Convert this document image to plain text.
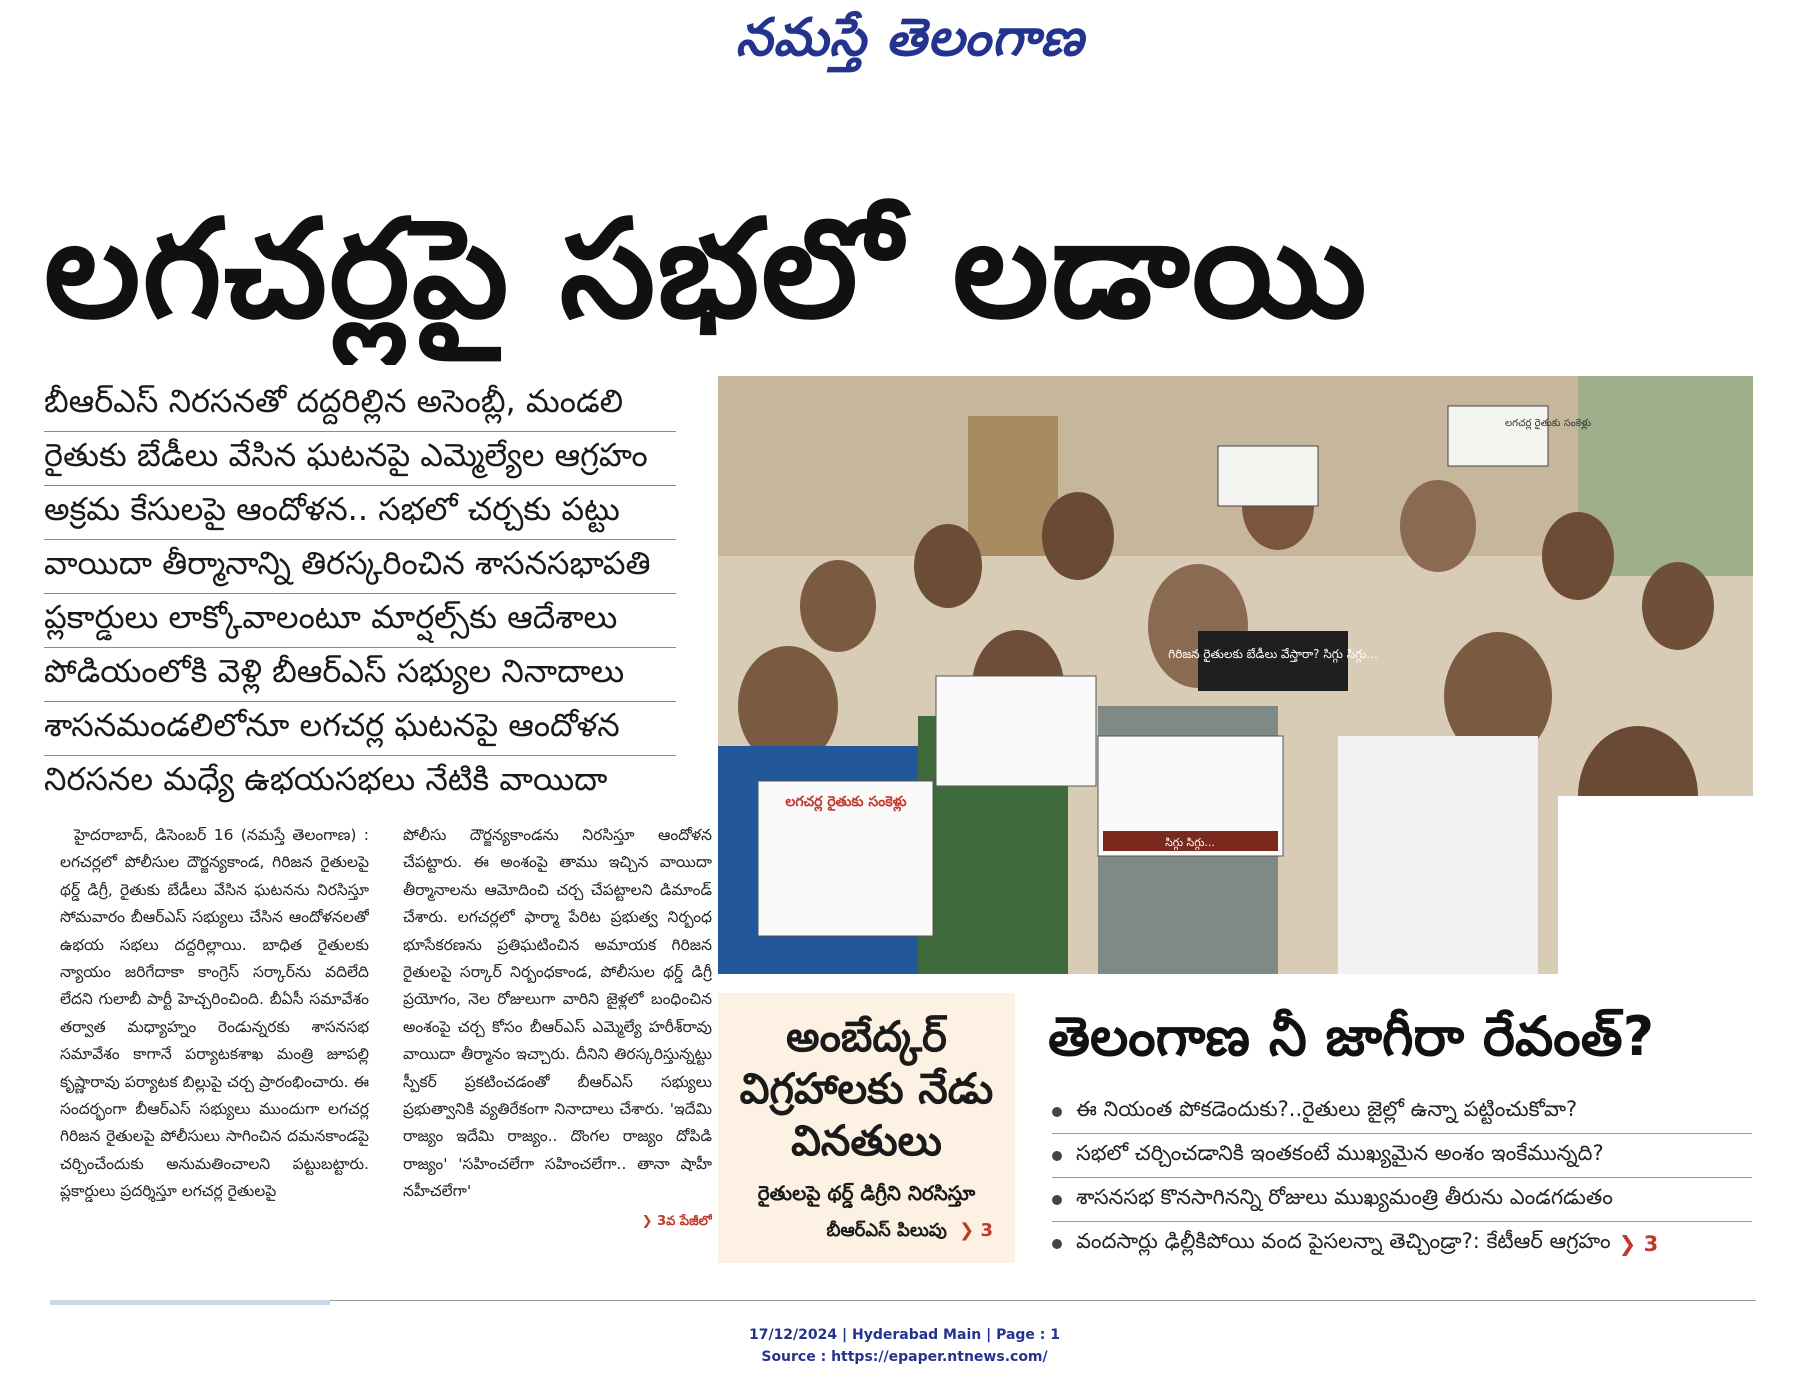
నమస్తే తెలంగాణ
లగచర్లపై సభలో లడాయి
బీఆర్ఎస్ నిరసనతో దద్దరిల్లిన అసెంబ్లీ, మండలి
రైతుకు బేడీలు వేసిన ఘటనపై ఎమ్మెల్యేల ఆగ్రహం
అక్రమ కేసులపై ఆందోళన.. సభలో చర్చకు పట్టు
వాయిదా తీర్మానాన్ని తిరస్కరించిన శాసనసభాపతి
ప్లకార్డులు లాక్కోవాలంటూ మార్షల్స్‌కు ఆదేశాలు
పోడియంలోకి వెళ్లి బీఆర్ఎస్ సభ్యుల నినాదాలు
శాసనమండలిలోనూ లగచర్ల ఘటనపై ఆందోళన
నిరసనల మధ్యే ఉభయసభలు నేటికి వాయిదా
హైదరాబాద్, డిసెంబర్ 16 (నమస్తే తెలంగాణ) : లగచర్లలో పోలీసుల దౌర్జన్యకాండ, గిరిజన రైతులపై థర్డ్ డిగ్రీ, రైతుకు బేడీలు వేసిన ఘటనను నిరసిస్తూ సోమవారం బీఆర్ఎస్ సభ్యులు చేసిన ఆందోళనలతో ఉభయ సభలు దద్దరిల్లాయి. బాధిత రైతులకు న్యాయం జరిగేదాకా కాంగ్రెస్ సర్కార్‌ను వదిలేది లేదని గులాబీ పార్టీ హెచ్చరించింది. బీఏసీ సమావేశం తర్వాత మధ్యాహ్నం రెండున్నరకు శాసనసభ సమావేశం కాగానే పర్యాటకశాఖ మంత్రి జూపల్లి కృష్ణారావు పర్యాటక బిల్లుపై చర్చ ప్రారంభించారు. ఈ సందర్భంగా బీఆర్ఎస్ సభ్యులు ముందుగా లగచర్ల గిరిజన రైతులపై పోలీసులు సాగించిన దమనకాండపై చర్చించేందుకు అనుమతించాలని పట్టుబట్టారు. ప్లకార్డులు ప్రదర్శిస్తూ లగచర్ల రైతులపై
పోలీసు దౌర్జన్యకాండను నిరసిస్తూ ఆందోళన చేపట్టారు. ఈ అంశంపై తాము ఇచ్చిన వాయిదా తీర్మానాలను ఆమోదించి చర్చ చేపట్టాలని డిమాండ్ చేశారు. లగచర్లలో ఫార్మా పేరిట ప్రభుత్వ నిర్బంధ భూసేకరణను ప్రతిఘటించిన అమాయక గిరిజన రైతులపై సర్కార్ నిర్బంధకాండ, పోలీసుల థర్డ్ డిగ్రీ ప్రయోగం, నెల రోజులుగా వారిని జైళ్లలో బంధించిన అంశంపై చర్చ కోసం బీఆర్ఎస్ ఎమ్మెల్యే హరీశ్‌రావు వాయిదా తీర్మానం ఇచ్చారు. దీనిని తిరస్కరిస్తున్నట్టు స్పీకర్ ప్రకటించడంతో బీఆర్ఎస్ సభ్యులు ప్రభుత్వానికి వ్యతిరేకంగా నినాదాలు చేశారు. 'ఇదేమి రాజ్యం ఇదేమి రాజ్యం.. దొంగల రాజ్యం దోపిడి రాజ్యం' 'సహించలేగా సహించలేగా.. తానా షాహీ నహీచలేగా'
❯ 3వ పేజీలో
గిరిజన రైతులకు బేడీలు వేస్తారా? సిగ్గు సిగ్గు...
లగచర్ల రైతుకు సంకెళ్లు
సిగ్గు సిగ్గు...
లగచర్ల రైతుకు సంకెళ్లు
అంబేద్కర్ విగ్రహాలకు నేడు వినతులు
రైతులపై థర్డ్ డిగ్రీని నిరసిస్తూ
బీఆర్ఎస్ పిలుపు ❯ 3
తెలంగాణ నీ జాగీరా రేవంత్?
ఈ నియంత పోకడెందుకు?..రైతులు జైల్లో ఉన్నా పట్టించుకోవా?
సభలో చర్చించడానికి ఇంతకంటే ముఖ్యమైన అంశం ఇంకేమున్నది?
శాసనసభ కొనసాగినన్ని రోజులు ముఖ్యమంత్రి తీరును ఎండగడుతం
వందసార్లు ఢిల్లీకిపోయి వంద పైసలన్నా తెచ్చిండ్రా?: కేటీఆర్ ఆగ్రహం ❯ 3
17/12/2024 | Hyderabad Main | Page : 1
Source : https://epaper.ntnews.com/
